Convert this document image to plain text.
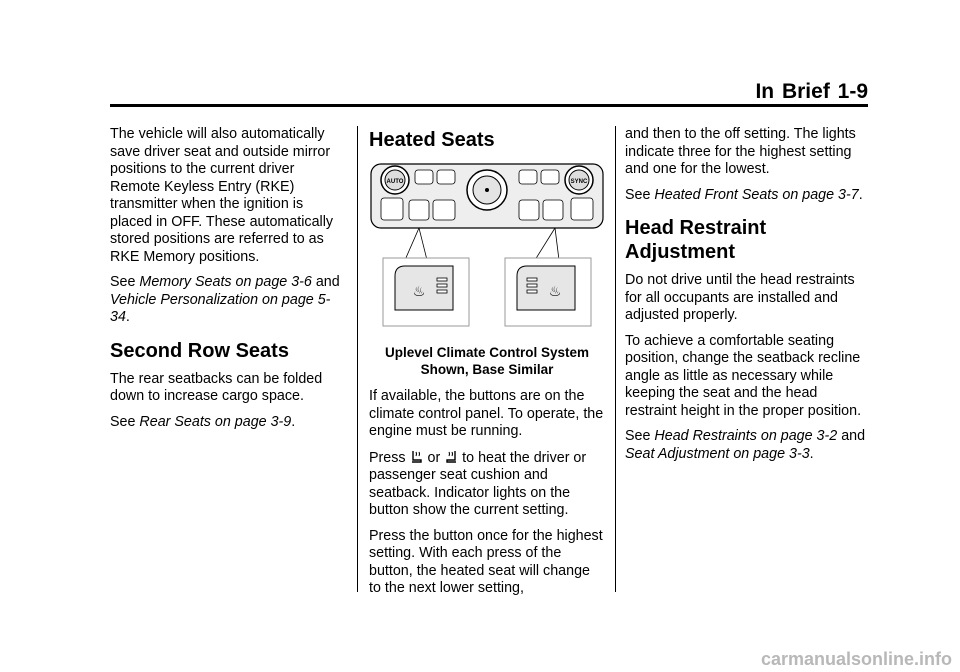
In Brief 1-9

The vehicle will also automatically save driver seat and outside mirror positions to the current driver Remote Keyless Entry (RKE) transmitter when the ignition is placed in OFF. These automatically stored positions are referred to as RKE Memory positions.

See Memory Seats on page 3-6 and Vehicle Personalization on page 5-34.

Second Row Seats

The rear seatbacks can be folded down to increase cargo space.

See Rear Seats on page 3-9.

Heated Seats
AUTO	SYNC
♨	♨
Uplevel Climate Control System
Shown, Base Similar

If available, the buttons are on the climate control panel. To operate, the engine must be running.

Press  or  to heat the driver or passenger seat cushion and seatback. Indicator lights on the button show the current setting.

Press the button once for the highest setting. With each press of the button, the heated seat will change to the next lower setting,

and then to the off setting. The lights indicate three for the highest setting and one for the lowest.

See Heated Front Seats on page 3-7.

Head Restraint Adjustment

Do not drive until the head restraints for all occupants are installed and adjusted properly.

To achieve a comfortable seating position, change the seatback recline angle as little as necessary while keeping the seat and the head restraint height in the proper position.

See Head Restraints on page 3-2 and Seat Adjustment on page 3-3.

carmanualsonline.info
